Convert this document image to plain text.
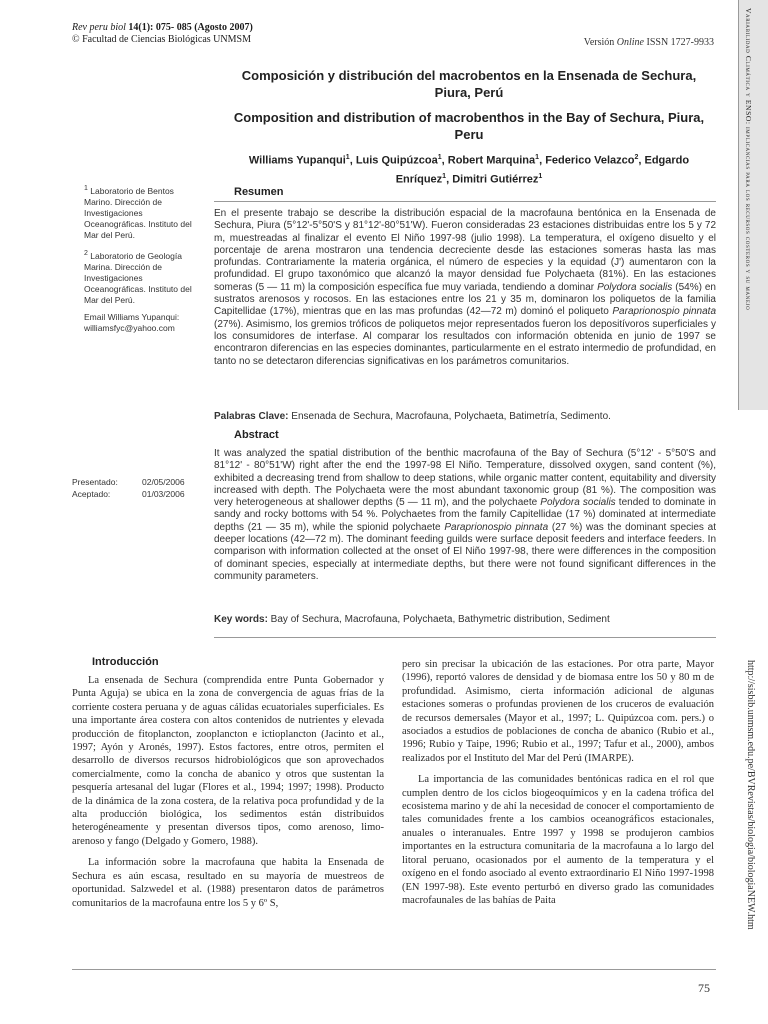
Rev peru biol 14(1): 075- 085 (Agosto 2007)
© Facultad de Ciencias Biológicas UNMSM	Versión Online ISSN 1727-9933	Variabilidad Climática y ENSO: implicancias para los recursos costeros y su manejo
http://sisbib.unmsm.edu.pe/BVRevistas/biologia/biologiaNEW.htm
Composición y distribución del macrobentos en la Ensenada de Sechura, Piura, Perú
Composition and distribution of macrobenthos in the Bay of Sechura, Piura, Peru
Williams Yupanqui$^1$, Luis Quipúzcoa$^1$, Robert Marquina$^1$, Federico Velazco$^2$, Edgardo Enríquez$^1$, Dimitri Gutiérrez$^1$
$^1$ Laboratorio de Bentos Marino. Dirección de Investigaciones Oceanográficas. Instituto del Mar del Perú.
$^2$ Laboratorio de Geología Marina. Dirección de Investigaciones Oceanográficas. Instituto del Mar del Perú.
Email Williams Yupanqui: williamsfyc@yahoo.com
Presentado:	02/05/2006
Aceptado:	01/03/2006
Resumen
En el presente trabajo se describe la distribución espacial de la macrofauna bentónica en la Ensenada de Sechura, Piura (5°12'-5°50'S y 81°12'-80°51'W). Fueron consideradas 23 estaciones distribuidas entre los 5 y 72 m, muestreadas al finalizar el evento El Niño 1997-98 (julio 1998). La temperatura, el oxígeno disuelto y el porcentaje de arena mostraron una tendencia decreciente desde las estaciones someras hasta las mas profundas. Contrariamente la materia orgánica, el número de especies y la equidad (J') aumentaron con la profundidad. El grupo taxonómico que alcanzó la mayor densidad fue Polychaeta (81%). En las estaciones someras (5 — 11 m) la composición específica fue muy variada, tendiendo a dominar Polydora socialis (54%) en sustratos arenosos y rocosos. En las estaciones entre los 21 y 35 m, dominaron los poliquetos de la familia Capitellidae (17%), mientras que en las mas profundas (42—72 m) dominó el poliqueto Paraprionospio pinnata (27%). Asimismo, los gremios tróficos de poliquetos mejor representados fueron los depositívoros superficiales y los consumidores de interfase. Al comparar los resultados con información obtenida en junio de 1997 se encontraron diferencias en las especies dominantes, particularmente en el estrato intermedio de profundidad, en tanto no se detectaron diferencias significativas en los parámetros comunitarios.
Palabras Clave: Ensenada de Sechura, Macrofauna, Polychaeta, Batimetría, Sedimento.
Abstract
It was analyzed the spatial distribution of the benthic macrofauna of the Bay of Sechura (5°12' - 5°50'S and 81°12' - 80°51'W) right after the end the 1997-98 El Niño. Temperature, dissolved oxygen, sand content (%), exhibited a decreasing trend from shallow to deep stations, while organic matter content, equitability and diversity increased with depth. The Polychaeta were the most abundant taxonomic group (81 %). The composition was very heterogeneous at shallower depths (5 — 11 m), and the polychaete Polydora socialis tended to dominate in sandy and rocky bottoms with 54 %. Polychaetes from the family Capitellidae (17 %) dominated at intermediate depths (21 — 35 m), while the spionid polychaete Paraprionospio pinnata (27 %) was the dominant species at deeper locations (42—72 m). The dominant feeding guilds were surface deposit feeders and interface feeders. In comparison with information collected at the onset of El Niño 1997-98, there were differences in the composition of dominant species, especially at intermediate depths, but there were not found significant differences in the community parameters.
Key words: Bay of Sechura, Macrofauna, Polychaeta, Bathymetric distribution, Sediment
Introducción

La ensenada de Sechura (comprendida entre Punta Gobernador y Punta Aguja) se ubica en la zona de convergencia de aguas frías de la corriente costera peruana y de aguas cálidas ecuatoriales superficiales. Es una importante área costera con altos contenidos de nutrientes y elevada producción de fitoplancton, zooplancton e ictioplancton (Jacinto et al., 1997; Ayón y Aronés, 1997). Estos factores, entre otros, permiten el desarrollo de diversos recursos hidrobiológicos que son aprovechados comercialmente, como la concha de abanico y otros que sustentan la pesquería artesanal del lugar (Flores et al., 1994; 1997; 1998). Producto de la dinámica de la zona costera, de la relativa poca profundidad y de la alta producción biológica, los sedimentos están distribuidos heterogéneamente y presentan diversos tipos, como arenoso, limo-arenoso y fango (Delgado y Gomero, 1988).

La información sobre la macrofauna que habita la Ensenada de Sechura es aún escasa, resultado en su mayoría de muestreos de oportunidad. Salzwedel et al. (1988) presentaron datos de parámetros comunitarios de la macrofauna entre los 5 y 6º S,

pero sin precisar la ubicación de las estaciones. Por otra parte, Mayor (1996), reportó valores de densidad y de biomasa entre los 50 y 80 m de profundidad. Asimismo, cierta información adicional de algunas estaciones someras o profundas provienen de los cruceros de evaluación de recursos demersales (Mayor et al., 1997; L. Quipúzcoa com. pers.) o asociados a estudios de poblaciones de concha de abanico (Rubio et al., 1996; Rubio y Taipe, 1996; Rubio et al., 1997; Tafur et al., 2000), ambos realizados por el Instituto del Mar del Perú (IMARPE).

La importancia de las comunidades bentónicas radica en el rol que cumplen dentro de los ciclos biogeoquímicos y en la cadena trófica del ecosistema marino y de ahí la necesidad de conocer el comportamiento de tales comunidades frente a los cambios oceanográficos estacionales, anuales o interanuales. Entre 1997 y 1998 se produjeron cambios importantes en la estructura comunitaria de la macrofauna a lo largo del litoral peruano, ocasionados por el aumento de la temperatura y el oxígeno en el fondo asociado al evento extraordinario El Niño 1997-1998 (EN 1997-98). Este evento perturbó en diverso grado las comunidades macrofaunales de las bahías de Paita

75
